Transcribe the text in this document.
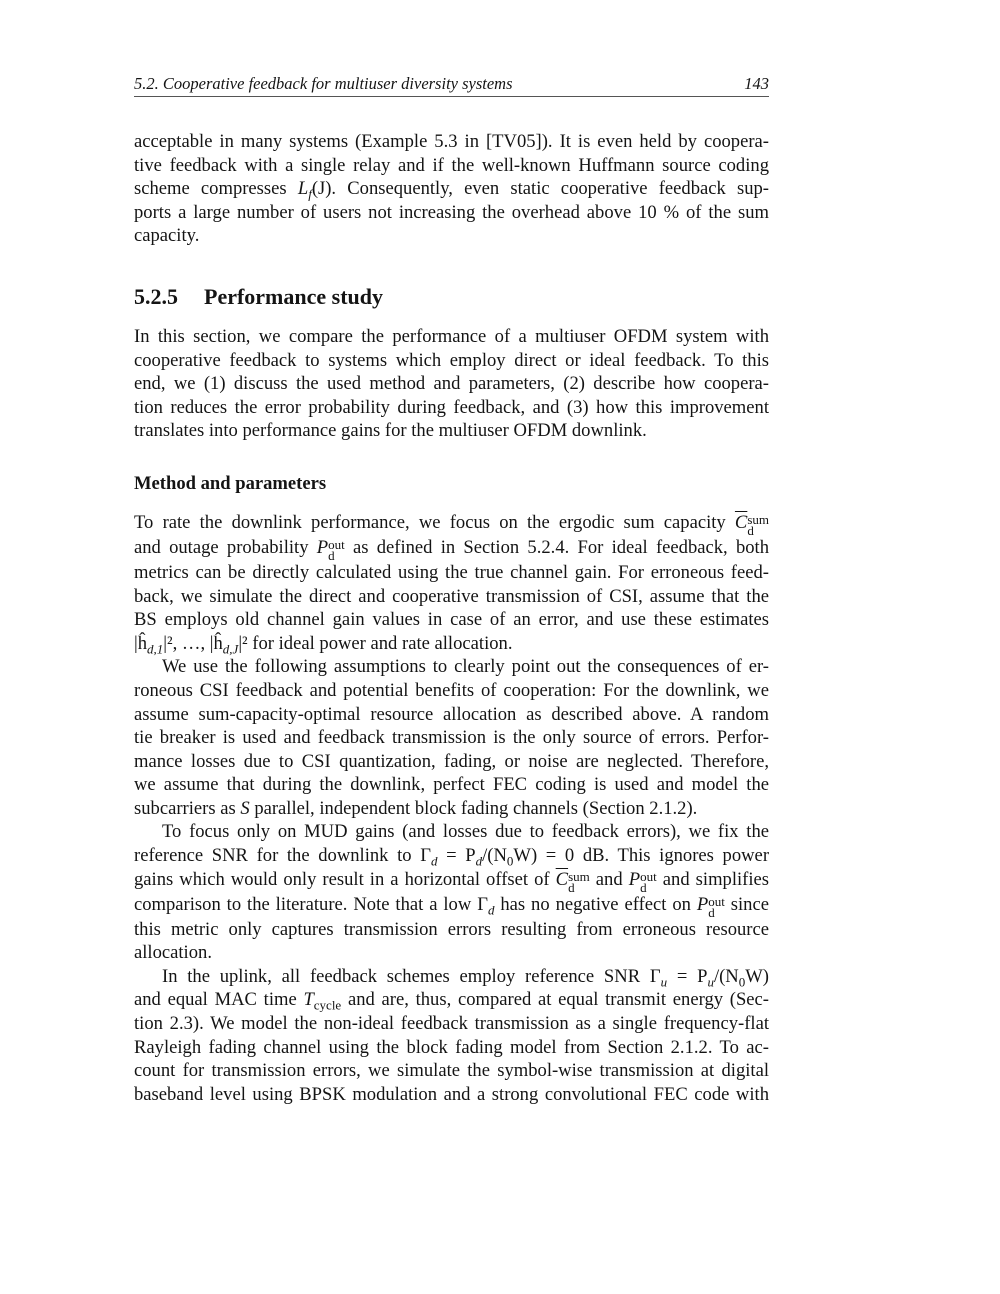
5.2. Cooperative feedback for multiuser diversity systems	143

acceptable in many systems (Example 5.3 in [TV05]). It is even held by coopera-
tive feedback with a single relay and if the well-known Huffmann source coding
scheme compresses $L_f(J)$. Consequently, even static cooperative feedback sup-
ports a large number of users not increasing the overhead above 10 % of the sum
capacity.

5.2.5 Performance study

In this section, we compare the performance of a multiuser OFDM system with
cooperative feedback to systems which employ direct or ideal feedback. To this
end, we (1) discuss the used method and parameters, (2) describe how coopera-
tion reduces the error probability during feedback, and (3) how this improvement
translates into performance gains for the multiuser OFDM downlink.

Method and parameters

To rate the downlink performance, we focus on the ergodic sum capacity $\overline{C}$ sum
d
and outage probability P out
d as defined in Section 5.2.4. For ideal feedback, both
metrics can be directly calculated using the true channel gain. For erroneous feed-
back, we simulate the direct and cooperative transmission of CSI, assume that the
BS employs old channel gain values in case of an error, and use these estimates
$|ĥ_{d,1}|^2$, …, $|ĥ_{d,J}|^2$ for ideal power and rate allocation.

We use the following assumptions to clearly point out the consequences of er-
roneous CSI feedback and potential benefits of cooperation: For the downlink, we
assume sum-capacity-optimal resource allocation as described above. A random
tie breaker is used and feedback transmission is the only source of errors. Perfor-
mance losses due to CSI quantization, fading, or noise are neglected. Therefore,
we assume that during the downlink, perfect FEC coding is used and model the
subcarriers as S parallel, independent block fading channels (Section 2.1.2).

To focus only on MUD gains (and losses due to feedback errors), we fix the
reference SNR for the downlink to $\Gamma_d = P_d/(N_0W) = 0$ dB. This ignores power
gains which would only result in a horizontal offset of $\overline{C}$ sum
d	and P out
d and simplifies
comparison to the literature. Note that a low $\Gamma_d$ has no negative effect on P out
d since
this metric only captures transmission errors resulting from erroneous resource
allocation.

In the uplink, all feedback schemes employ reference SNR $\Gamma_u = P_u/(N_0W)$
and equal MAC time $T_{cycle}$ and are, thus, compared at equal transmit energy (Sec-
tion 2.3). We model the non-ideal feedback transmission as a single frequency-flat
Rayleigh fading channel using the block fading model from Section 2.1.2. To ac-
count for transmission errors, we simulate the symbol-wise transmission at digital
baseband level using BPSK modulation and a strong convolutional FEC code with
